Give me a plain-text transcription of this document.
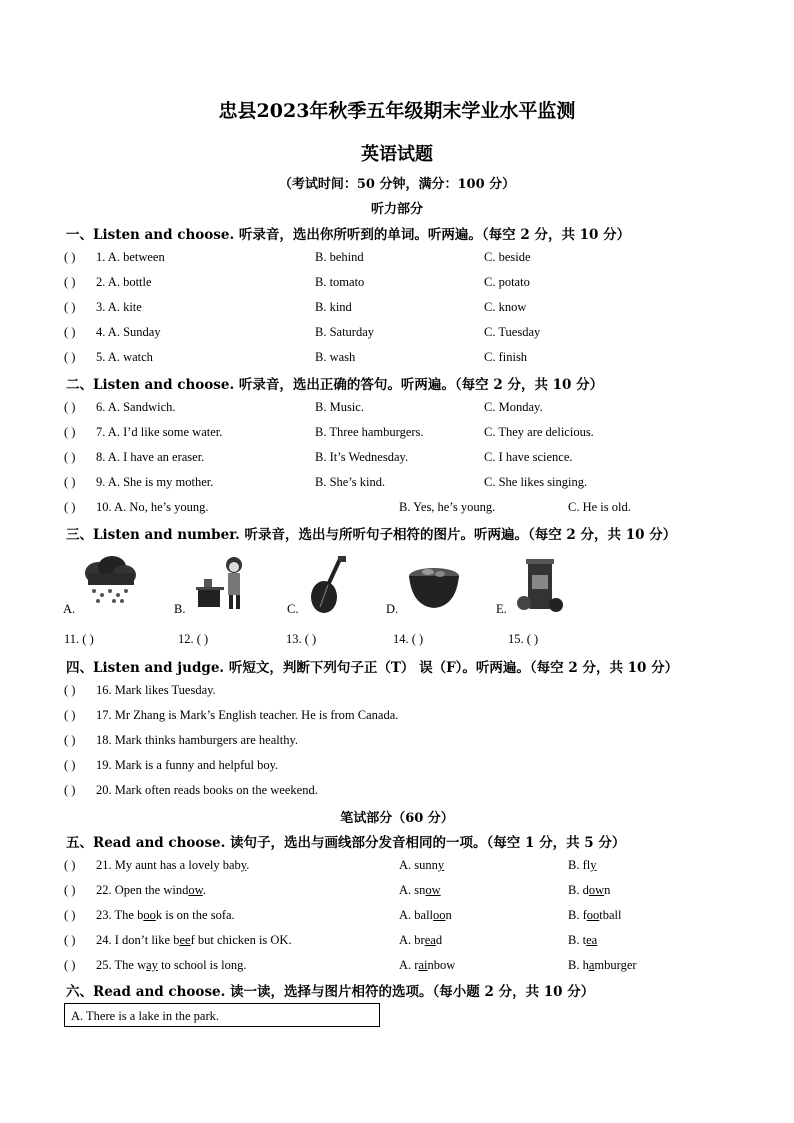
忠县2023年秋季五年级期末学业水平监测
英语试题
（考试时间：50 分钟，满分：100 分）
听力部分
一、Listen and choose. 听录音，选出你所听到的单词。听两遍。（每空 2 分，共 10 分）
( ) 1. A. between	B. behind	C. beside
( ) 2. A. bottle	B. tomato	C. potato
( ) 3. A. kite	B. kind	C. know
( ) 4. A. Sunday	B. Saturday	C. Tuesday
( ) 5. A. watch	B. wash	C. finish
二、Listen and choose. 听录音，选出正确的答句。听两遍。（每空 2 分，共 10 分）
( ) 6. A. Sandwich.	B. Music.	C. Monday.
( ) 7. A. I’d like some water.	B. Three hamburgers.	C. They are delicious.
( ) 8. A. I have an eraser.	B. It’s Wednesday.	C. I have science.
( ) 9. A. She is my mother.	B. She’s kind.	C. She likes singing.
( ) 10. A. No, he’s young.	B. Yes, he’s young.	C. He is old.
三、Listen and number. 听录音，选出与所听句子相符的图片。听两遍。（每空 2 分，共 10 分）
A.	B.	C.	D.	E.
11. ( )	12. ( )	13. ( )	14. ( )	15. ( )
四、Listen and judge. 听短文，判断下列句子正（T） 误（F）。听两遍。（每空 2 分，共 10 分）
( ) 16. Mark likes Tuesday.
( ) 17. Mr Zhang is Mark’s English teacher. He is from Canada.
( ) 18. Mark thinks hamburgers are healthy.
( ) 19. Mark is a funny and helpful boy.
( ) 20. Mark often reads books on the weekend.
笔试部分（60 分）
五、Read and choose. 读句子，选出与画线部分发音相同的一项。（每空 1 分，共 5 分）
( ) 21. My aunt has a lovely baby.	A. sunny	B. fly
( ) 22. Open the window.	A. snow	B. down
( ) 23. The book is on the sofa.	A. balloon	B. football
( ) 24. I don’t like beef but chicken is OK.	A. bread	B. tea
( ) 25. The way to school is long.	A. rainbow	B. hamburger
六、Read and choose. 读一读，选择与图片相符的选项。（每小题 2 分，共 10 分）
A. There is a lake in the park.
